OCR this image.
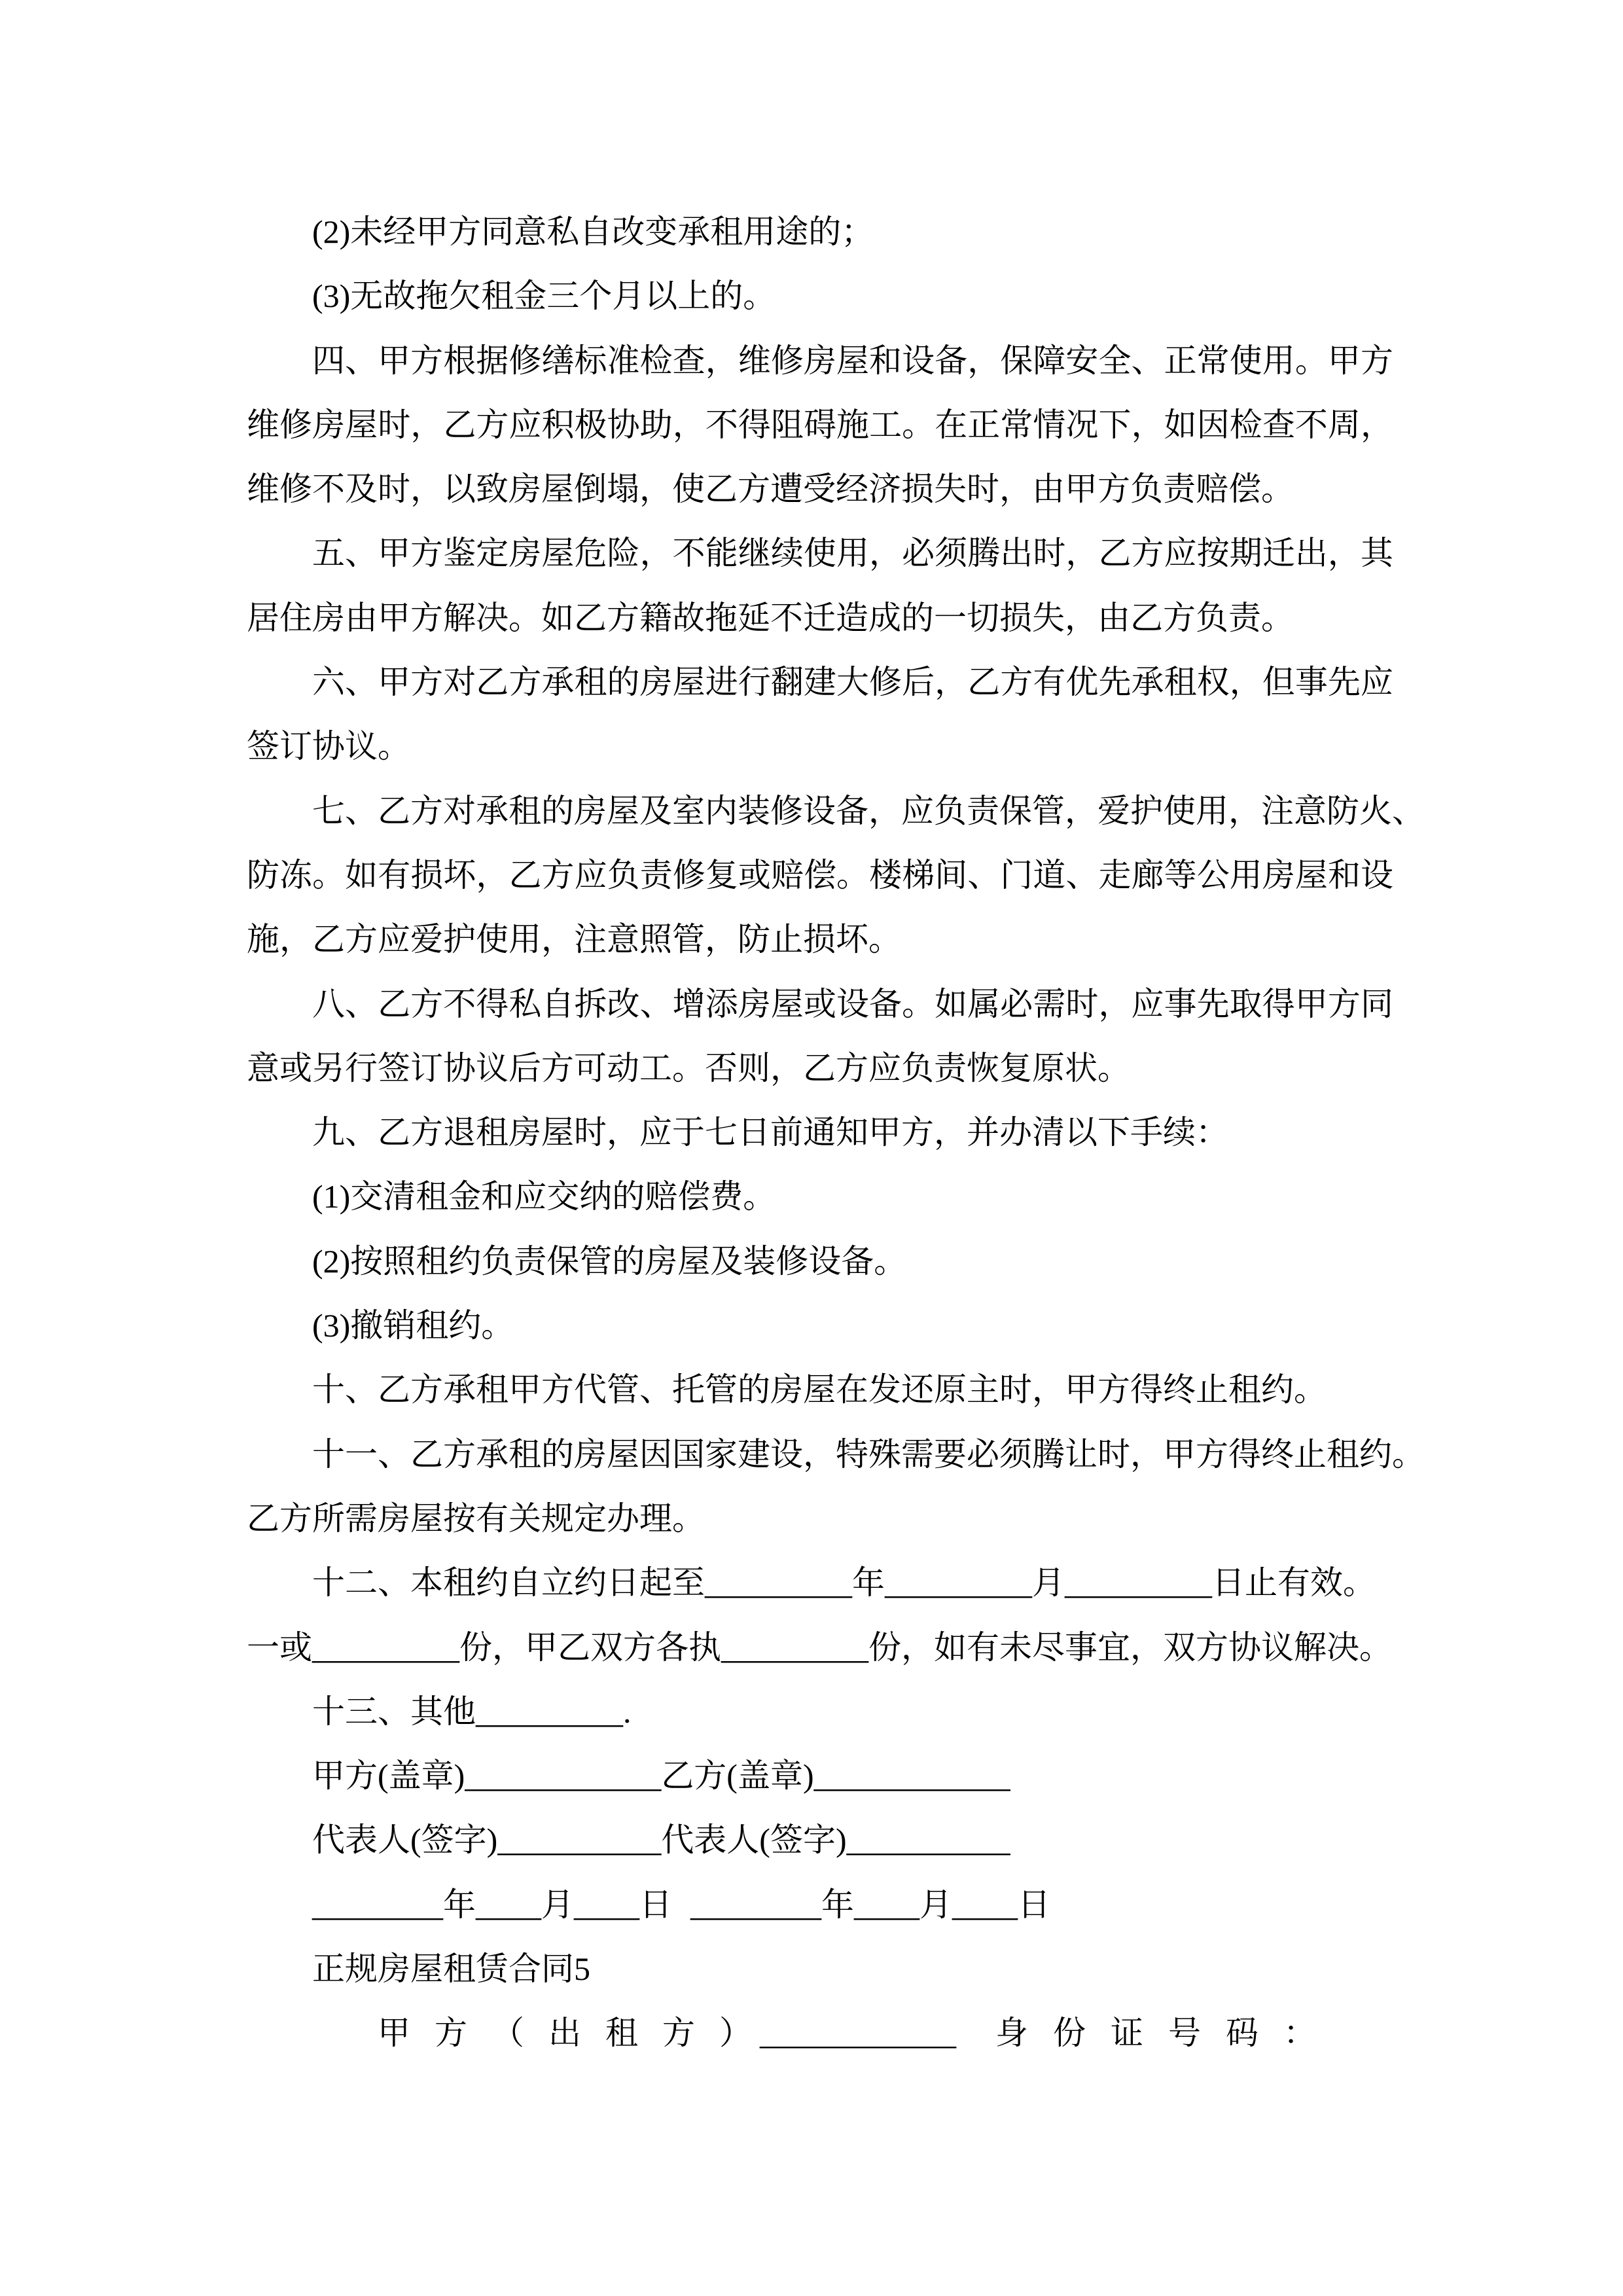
(2)未经甲方同意私自改变承租用途的；
(3)无故拖欠租金三个月以上的。
四、甲方根据修缮标准检查，维修房屋和设备，保障安全、正常使用。甲方
维修房屋时，乙方应积极协助，不得阻碍施工。在正常情况下，如因检查不周，
维修不及时，以致房屋倒塌，使乙方遭受经济损失时，由甲方负责赔偿。
五、甲方鉴定房屋危险，不能继续使用，必须腾出时，乙方应按期迁出，其
居住房由甲方解决。如乙方籍故拖延不迁造成的一切损失，由乙方负责。
六、甲方对乙方承租的房屋进行翻建大修后，乙方有优先承租权，但事先应
签订协议。
七、乙方对承租的房屋及室内装修设备，应负责保管，爱护使用，注意防火、
防冻。如有损坏，乙方应负责修复或赔偿。楼梯间、门道、走廊等公用房屋和设
施，乙方应爱护使用，注意照管，防止损坏。
八、乙方不得私自拆改、增添房屋或设备。如属必需时，应事先取得甲方同
意或另行签订协议后方可动工。否则，乙方应负责恢复原状。
九、乙方退租房屋时，应于七日前通知甲方，并办清以下手续：
(1)交清租金和应交纳的赔偿费。
(2)按照租约负责保管的房屋及装修设备。
(3)撤销租约。
十、乙方承租甲方代管、托管的房屋在发还原主时，甲方得终止租约。
十一、乙方承租的房屋因国家建设，特殊需要必须腾让时，甲方得终止租约。
乙方所需房屋按有关规定办理。
十二、本租约自立约日起至_________年_________月_________日止有效。
一或_________份，甲乙双方各执_________份，如有未尽事宜，双方协议解决。
十三、其他_________.
甲方(盖章)____________乙方(盖章)____________
代表人(签字)__________代表人(签字)__________
________年____月____日 ________年____月____日
正规房屋租赁合同5
甲方（出租方）____________ 身份证号码：
